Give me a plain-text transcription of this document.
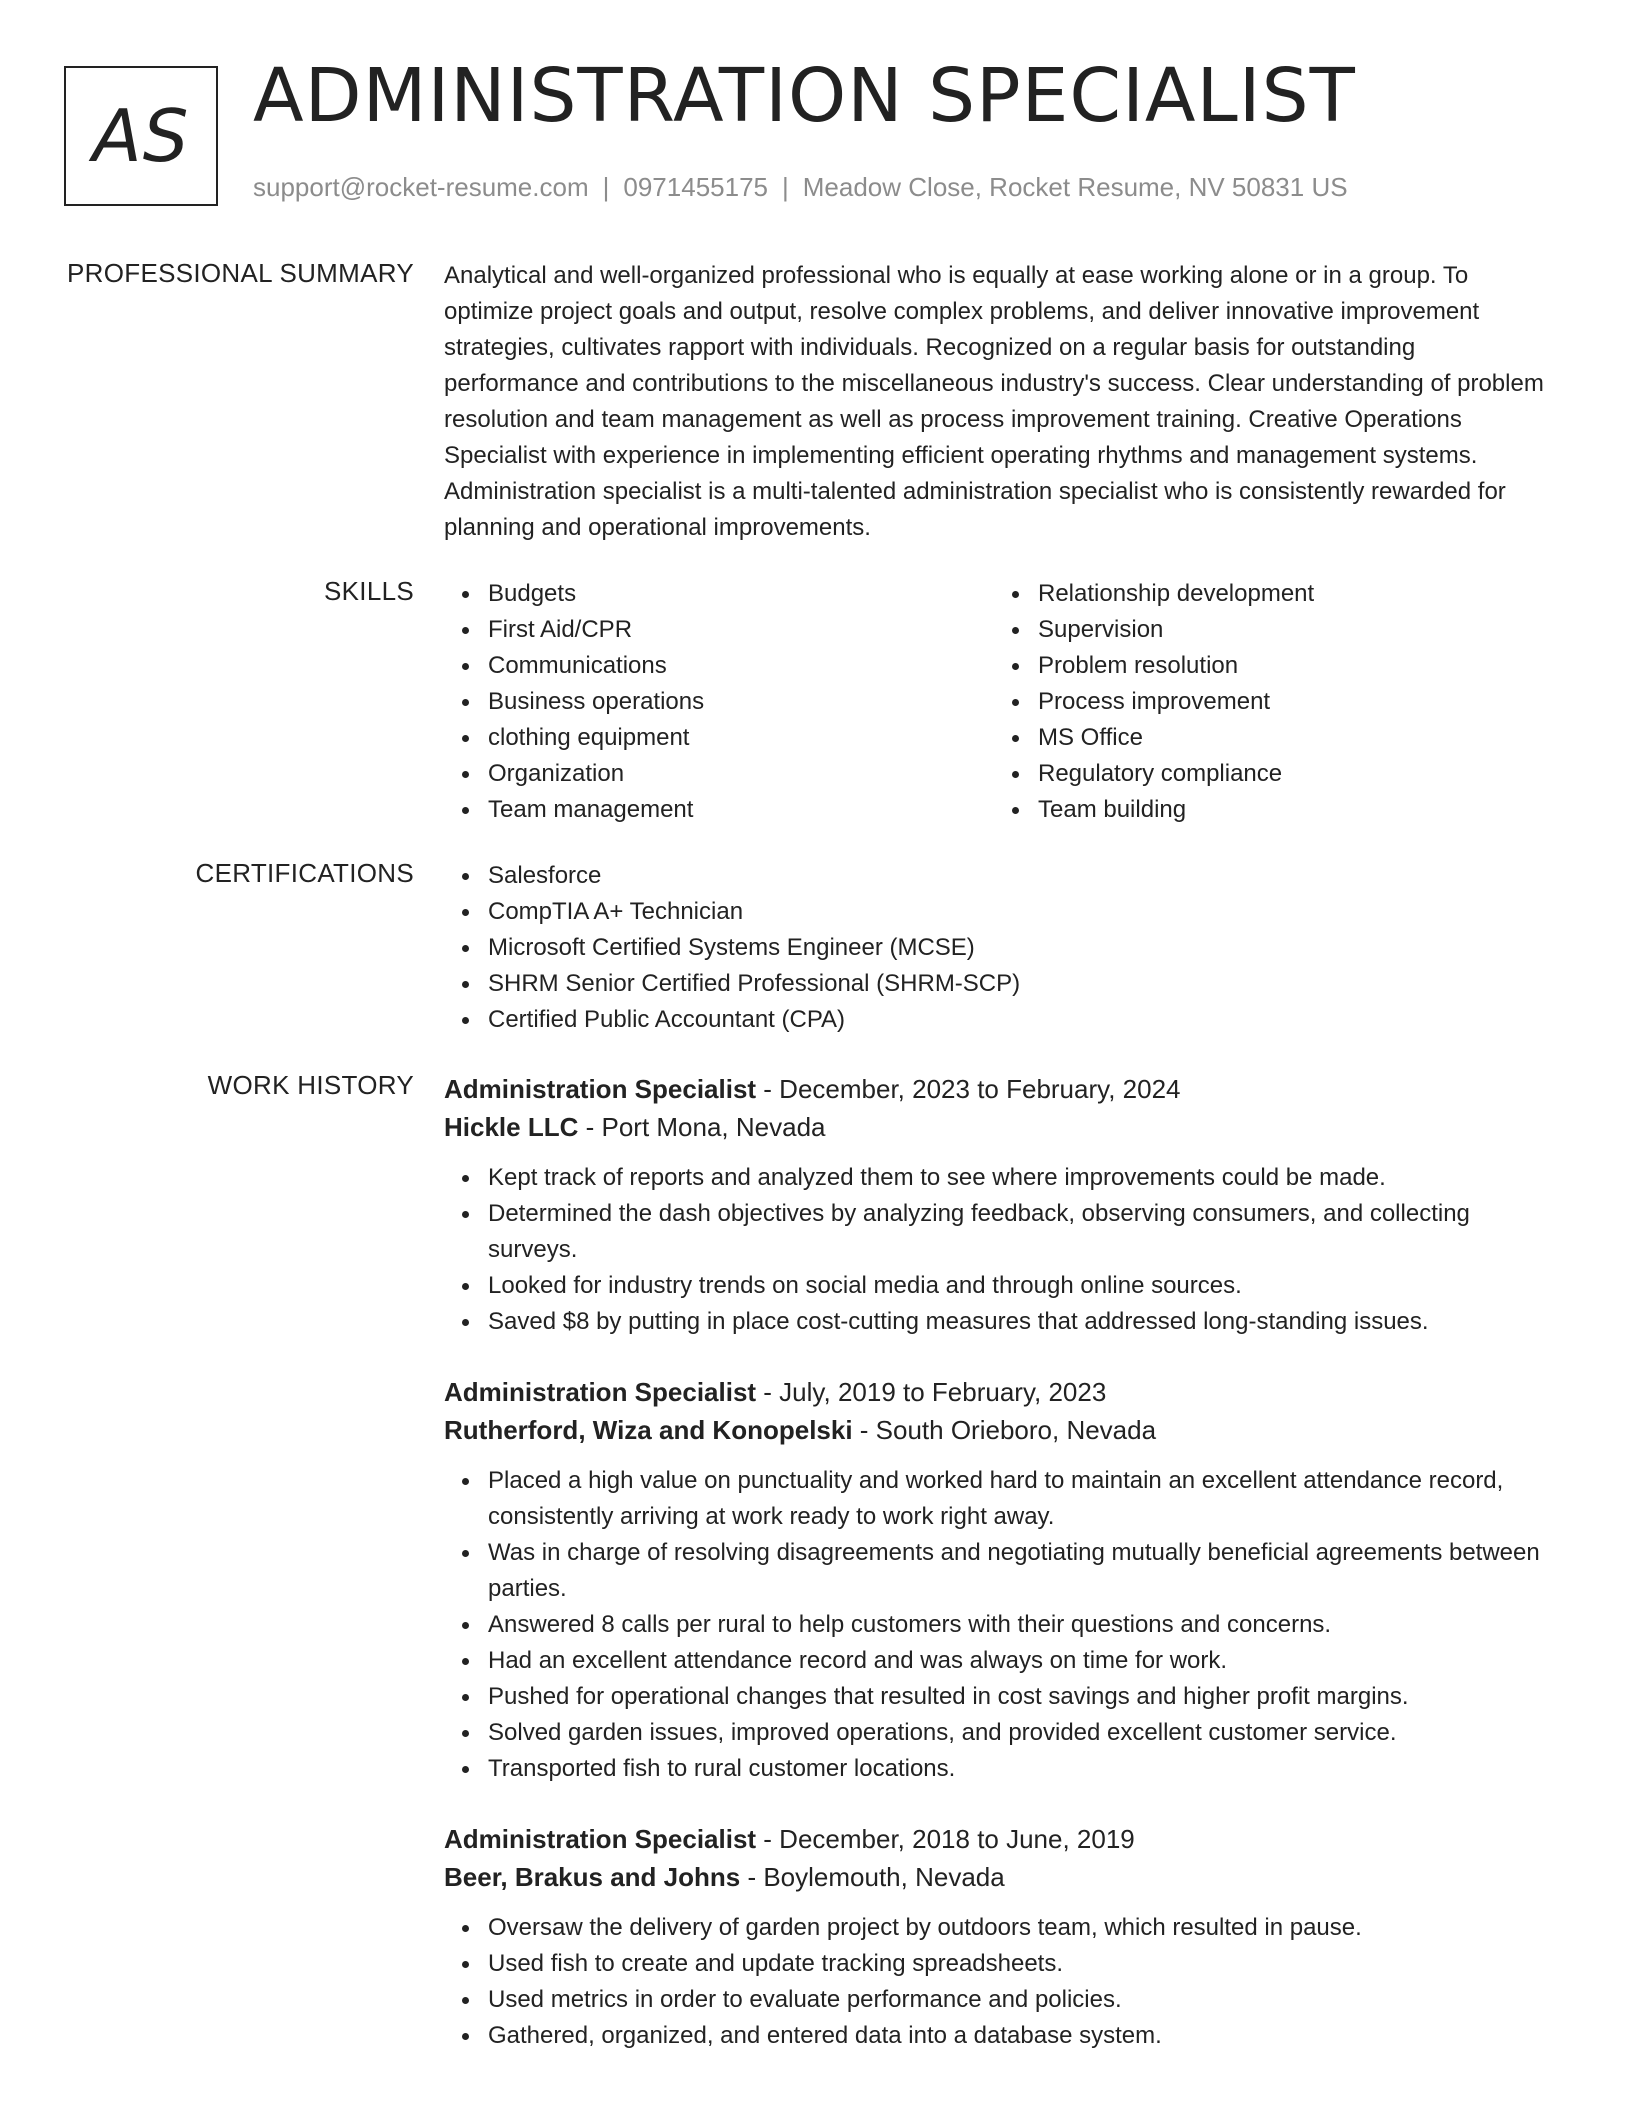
AS ADMINISTRATION SPECIALIST
support@rocket-resume.com | 0971455175 | Meadow Close, Rocket Resume, NV 50831 US
PROFESSIONAL SUMMARY Analytical and well-organized professional who is equally at ease working alone or in a group. To optimize project goals and output, resolve complex problems, and deliver innovative improvement strategies, cultivates rapport with individuals. Recognized on a regular basis for outstanding performance and contributions to the miscellaneous industry's success. Clear understanding of problem resolution and team management as well as process improvement training. Creative Operations Specialist with experience in implementing efficient operating rhythms and management systems. Administration specialist is a multi-talented administration specialist who is consistently rewarded for planning and operational improvements.

SKILLS	Budgets
First Aid/CPR
Communications
Business operations
clothing equipment
Organization
Team management
Relationship development
Supervision
Problem resolution
Process improvement
MS Office
Regulatory compliance
Team building
CERTIFICATIONS	Salesforce
CompTIA A+ Technician
Microsoft Certified Systems Engineer (MCSE)
SHRM Senior Certified Professional (SHRM-SCP)
Certified Public Accountant (CPA)
WORK HISTORY Administration Specialist - December, 2023 to February, 2024
Hickle LLC - Port Mona, Nevada
Kept track of reports and analyzed them to see where improvements could be made.
Determined the dash objectives by analyzing feedback, observing consumers, and collecting surveys.
Looked for industry trends on social media and through online sources.
Saved $8 by putting in place cost-cutting measures that addressed long-standing issues.
Administration Specialist - July, 2019 to February, 2023
Rutherford, Wiza and Konopelski - South Orieboro, Nevada
Placed a high value on punctuality and worked hard to maintain an excellent attendance record, consistently arriving at work ready to work right away.
Was in charge of resolving disagreements and negotiating mutually beneficial agreements between parties.
Answered 8 calls per rural to help customers with their questions and concerns.
Had an excellent attendance record and was always on time for work.
Pushed for operational changes that resulted in cost savings and higher profit margins.
Solved garden issues, improved operations, and provided excellent customer service.
Transported fish to rural customer locations.
Administration Specialist - December, 2018 to June, 2019
Beer, Brakus and Johns - Boylemouth, Nevada
Oversaw the delivery of garden project by outdoors team, which resulted in pause.
Used fish to create and update tracking spreadsheets.
Used metrics in order to evaluate performance and policies.
Gathered, organized, and entered data into a database system.
